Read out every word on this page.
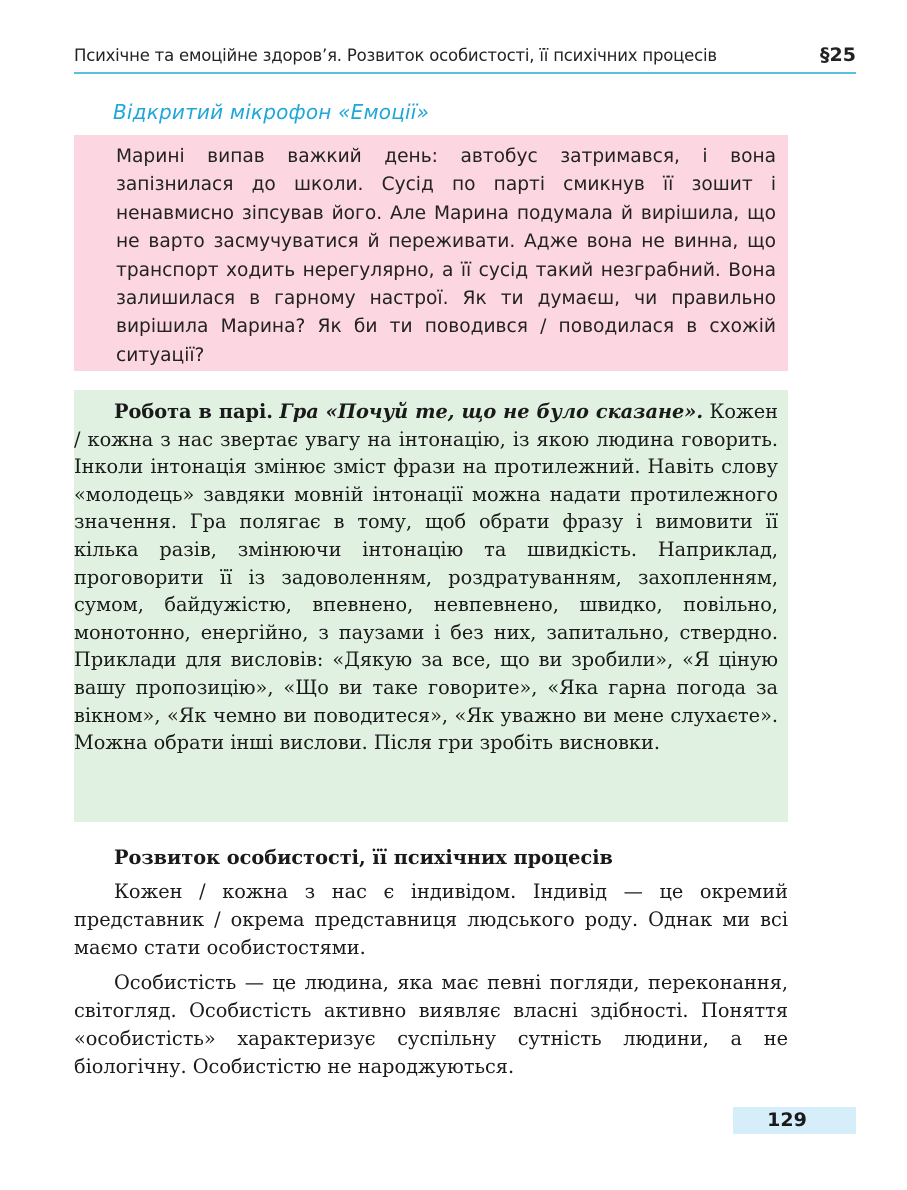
Психічне та емоційне здоров’я. Розвиток особистості, її психічних процесів	§25
Відкритий мікрофон «Емоції»

Марині випав важкий день: автобус затримався, і вона запізнилася до школи. Сусід по парті смикнув її зошит і ненавмисно зіпсував його. Але Марина подумала й вирішила, що не варто засмучуватися й переживати. Адже вона не винна, що транспорт ходить нерегулярно, а її сусід такий незграбний. Вона залишилася в гарному настрої. Як ти думаєш, чи правильно вирішила Марина? Як би ти поводився / поводилася в схожій ситуації?

Робота в парі. Гра «Почуй те, що не було сказане». Кожен / кожна з нас звертає увагу на інтонацію, із якою людина говорить. Інколи інтонація змінює зміст фрази на протилежний. Навіть слову «молодець» завдяки мовній інтонації можна надати протилежного значення. Гра полягає в тому, щоб обрати фразу і вимовити її кілька разів, змінюючи інтонацію та швидкість. Наприклад, проговорити її із задоволенням, роздратуванням, захопленням, сумом, байдужістю, впевнено, невпевнено, швидко, повільно, монотонно, енергійно, з паузами і без них, запитально, ствердно. Приклади для висловів: «Дякую за все, що ви зробили», «Я ціную вашу пропозицію», «Що ви таке говорите», «Яка гарна погода за вікном», «Як чемно ви поводитеся», «Як уважно ви мене слухаєте». Можна обрати інші вислови. Після гри зробіть висновки.

Розвиток особистості, її психічних процесів

Кожен / кожна з нас є індивідом. Індивід — це окремий представник / окрема представниця людського роду. Однак ми всі маємо стати особистостями.

Особистість — це людина, яка має певні погляди, переконання, світогляд. Особистість активно виявляє власні здібності. Поняття «особистість» характеризує суспільну сутність людини, а не біологічну. Особистістю не народжуються.

129
